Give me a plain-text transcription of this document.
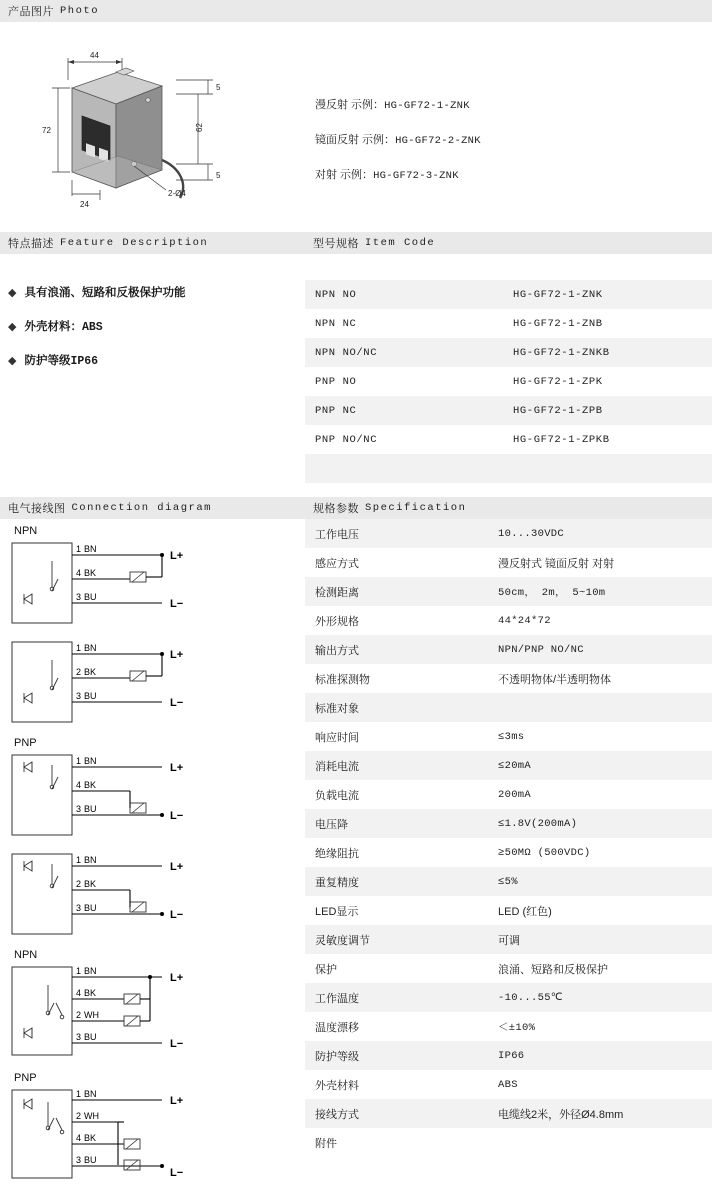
产品图片 Photo
44
5
5
62
72
24
2-Ø4
漫反射 示例：HG-GF72-1-ZNK
镜面反射 示例：HG-GF72-2-ZNK
对射 示例：HG-GF72-3-ZNK
特点描述 Feature Description	型号规格 Item Code
◆ 具有浪涌、短路和反极保护功能
◆ 外壳材料：ABS
◆ 防护等级IP66
NPN NO	HG-GF72-1-ZNK
NPN NC	HG-GF72-1-ZNB
NPN NO/NC	HG-GF72-1-ZNKB
PNP NO	HG-GF72-1-ZPK
PNP NC	HG-GF72-1-ZPB
PNP NO/NC	HG-GF72-1-ZPKB

电气接线图 Connection diagram	规格参数 Specification
NPN
1 BN
4 BK
3 BU
L+
L−
1 BN
2 BK
3 BU
L+
L−
PNP
1 BN
4 BK
3 BU
L+
L−
1 BN
2 BK
3 BU
L+
L−
NPN
1 BN
4 BK
2 WH
3 BU
L+
L−
PNP
1 BN
2 WH
4 BK
3 BU
L+
L−
工作电压	10...30VDC
感应方式	漫反射式 镜面反射 对射
检测距离	50cm， 2m， 5~10m
外形规格	44*24*72
输出方式	NPN/PNP NO/NC
标准探测物	不透明物体/半透明物体
标准对象	
响应时间	≤3ms
消耗电流	≤20mA
负载电流	200mA
电压降	≤1.8V(200mA)
绝缘阻抗	≥50MΩ (500VDC)
重复精度	≤5%
LED显示	LED (红色)
灵敏度调节	可调
保护	浪涌、短路和反极保护
工作温度	-10...55℃
温度漂移	＜±10%
防护等级	IP66
外壳材料	ABS
接线方式	电缆线2米，外径Ø4.8mm
附件	
